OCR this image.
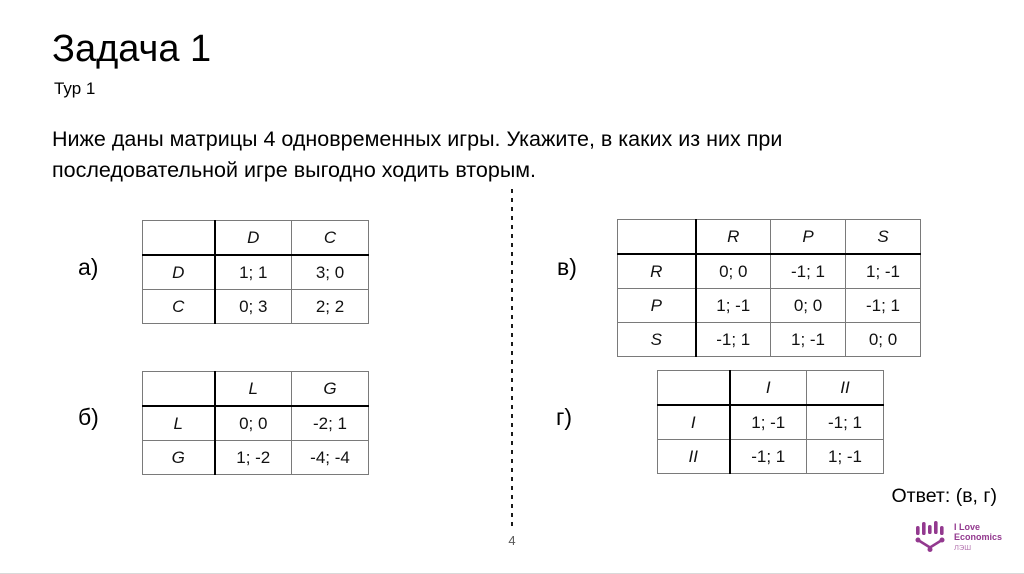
Задача 1
Тур 1
Ниже даны матрицы 4 одновременных игры. Укажите, в каких из них при
последовательной игре выгодно ходить вторым.
а)
	D	C
D	1; 1	3; 0
C	0; 3	2; 2
б)
	L	G
L	0; 0	-2; 1
G	1; -2	-4; -4
в)
	R	P	S
R	0; 0	-1; 1	1; -1
P	1; -1	0; 0	-1; 1
S	-1; 1	1; -1	0; 0
г)
	I	II
I	1; -1	-1; 1
II	-1; 1	1; -1
Ответ: (в, г)
4
I Love
Economics
ЛЭШ
